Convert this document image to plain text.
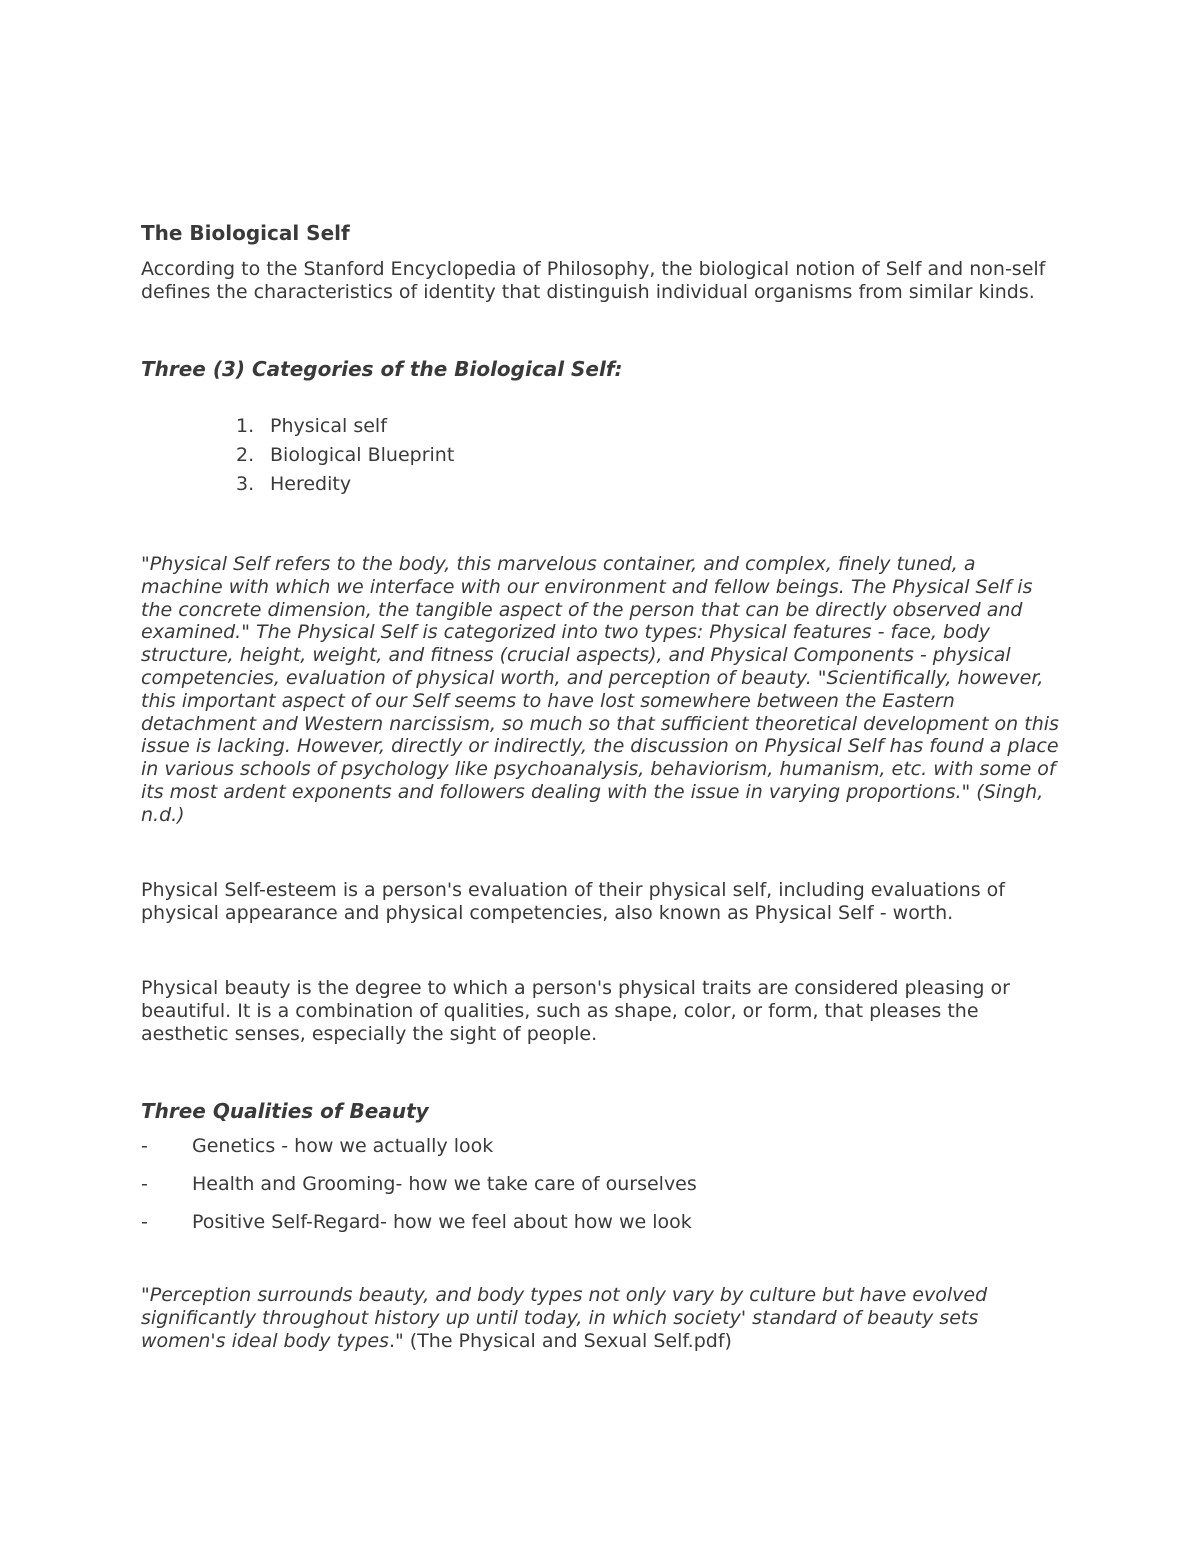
The Biological Self

According to the Stanford Encyclopedia of Philosophy, the biological notion of Self and non-self defines the characteristics of identity that distinguish individual organisms from similar kinds.

Three (3) Categories of the Biological Self:
1. Physical self
2. Biological Blueprint
3. Heredity

"Physical Self refers to the body, this marvelous container, and complex, finely tuned, a machine with which we interface with our environment and fellow beings. The Physical Self is the concrete dimension, the tangible aspect of the person that can be directly observed and examined." The Physical Self is categorized into two types: Physical features - face, body structure, height, weight, and fitness (crucial aspects), and Physical Components - physical competencies, evaluation of physical worth, and perception of beauty. "Scientifically, however, this important aspect of our Self seems to have lost somewhere between the Eastern detachment and Western narcissism, so much so that sufficient theoretical development on this issue is lacking. However, directly or indirectly, the discussion on Physical Self has found a place in various schools of psychology like psychoanalysis, behaviorism, humanism, etc. with some of its most ardent exponents and followers dealing with the issue in varying proportions." (Singh, n.d.)

Physical Self-esteem is a person's evaluation of their physical self, including evaluations of physical appearance and physical competencies, also known as Physical Self - worth.

Physical beauty is the degree to which a person's physical traits are considered pleasing or beautiful. It is a combination of qualities, such as shape, color, or form, that pleases the aesthetic senses, especially the sight of people.

Three Qualities of Beauty
-	Genetics - how we actually look
-	Health and Grooming- how we take care of ourselves
-	Positive Self-Regard- how we feel about how we look

"Perception surrounds beauty, and body types not only vary by culture but have evolved significantly throughout history up until today, in which society' standard of beauty sets women's ideal body types." (The Physical and Sexual Self.pdf)
